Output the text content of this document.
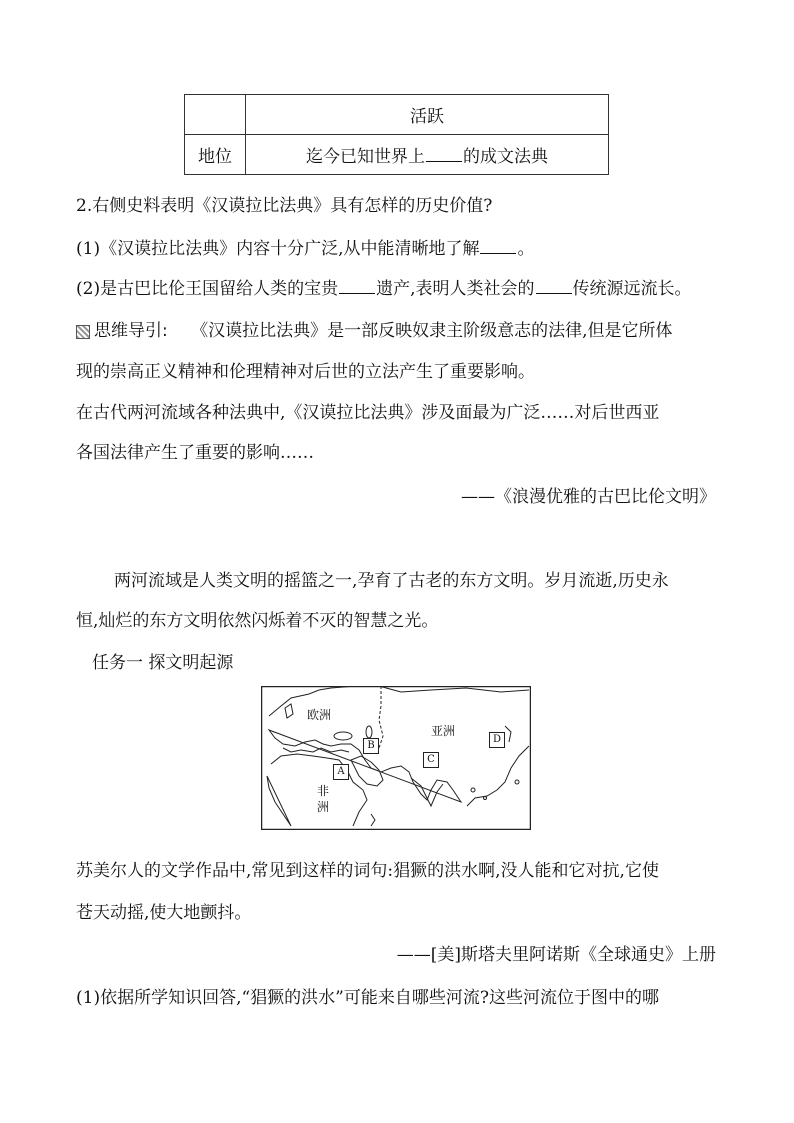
	活跃
地位	迄今已知世界上 的成文法典
2.右侧史料表明《汉谟拉比法典》具有怎样的历史价值?
(1)《汉谟拉比法典》内容十分广泛,从中能清晰地了解 。
(2)是古巴比伦王国留给人类的宝贵 遗产,表明人类社会的 传统源远流长。
思维导引: 《汉谟拉比法典》是一部反映奴隶主阶级意志的法律,但是它所体
现的崇高正义精神和伦理精神对后世的立法产生了重要影响。
在古代两河流域各种法典中,《汉谟拉比法典》涉及面最为广泛……对后世西亚
各国法律产生了重要的影响……
——《浪漫优雅的古巴比伦文明》
两河流域是人类文明的摇篮之一,孕育了古老的东方文明。岁月流逝,历史永
恒,灿烂的东方文明依然闪烁着不灭的智慧之光。
任务一 探文明起源
欧洲
亚洲
非
洲
A
B
C
D
苏美尔人的文学作品中,常见到这样的词句:猖獗的洪水啊,没人能和它对抗,它使
苍天动摇,使大地颤抖。
——[美]斯塔夫里阿诺斯《全球通史》上册
(1)依据所学知识回答,“猖獗的洪水”可能来自哪些河流?这些河流位于图中的哪
